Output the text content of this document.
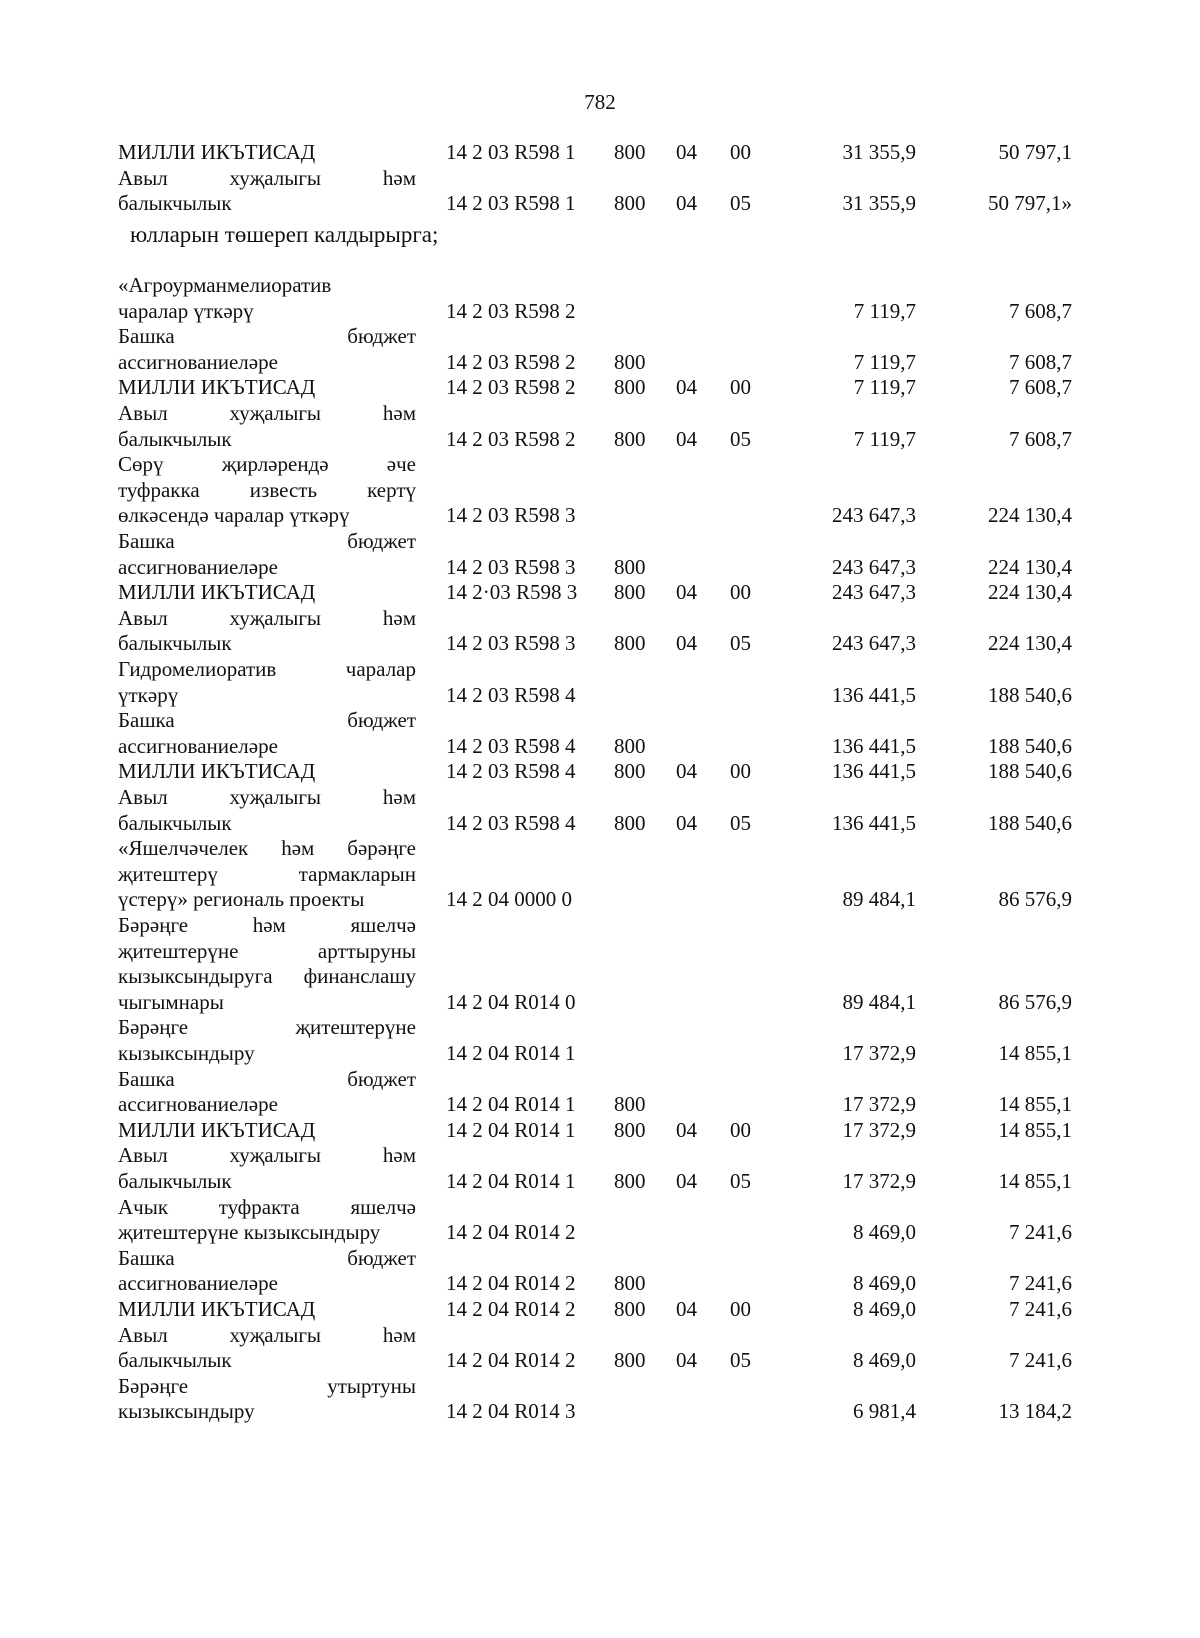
782
МИЛЛИ ИКЪТИСАД	14 2 03 R598 1 800 04 00	31 355,9	50 797,1
Авыл хуҗалыгы һәм
балыкчылык	14 2 03 R598 1 800 04 05	31 355,9	50 797,1»
«Агроурманмелиоратив
чаралар үткәрү	14 2 03 R598 2	7 119,7	7 608,7
Башка бюджет
ассигнованиеләре	14 2 03 R598 2 800	7 119,7	7 608,7
МИЛЛИ ИКЪТИСАД	14 2 03 R598 2 800 04 00	7 119,7	7 608,7
Авыл хуҗалыгы һәм
балыкчылык	14 2 03 R598 2 800 04 05	7 119,7	7 608,7
Сөрү җирләрендә әче
туфракка известь кертү
өлкәсендә чаралар үткәрү	14 2 03 R598 3	243 647,3	224 130,4
Башка бюджет
ассигнованиеләре	14 2 03 R598 3 800	243 647,3	224 130,4
МИЛЛИ ИКЪТИСАД	14 2·03 R598 3 800 04 00	243 647,3	224 130,4
Авыл хуҗалыгы һәм
балыкчылык	14 2 03 R598 3 800 04 05	243 647,3	224 130,4
Гидромелиоратив чаралар
үткәрү	14 2 03 R598 4	136 441,5	188 540,6
Башка бюджет
ассигнованиеләре	14 2 03 R598 4 800	136 441,5	188 540,6
МИЛЛИ ИКЪТИСАД	14 2 03 R598 4 800 04 00	136 441,5	188 540,6
Авыл хуҗалыгы һәм
балыкчылык	14 2 03 R598 4 800 04 05	136 441,5	188 540,6
«Яшелчәчелек һәм бәрәңге
җитештерү тармакларын
үстерү» региональ проекты	14 2 04 0000 0	89 484,1	86 576,9
Бәрәңге һәм яшелчә
җитештерүне арттыруны
кызыксындыруга финанслашу
чыгымнары	14 2 04 R014 0	89 484,1	86 576,9
Бәрәңге җитештерүне
кызыксындыру	14 2 04 R014 1	17 372,9	14 855,1
Башка бюджет
ассигнованиеләре	14 2 04 R014 1 800	17 372,9	14 855,1
МИЛЛИ ИКЪТИСАД	14 2 04 R014 1 800 04 00	17 372,9	14 855,1
Авыл хуҗалыгы һәм
балыкчылык	14 2 04 R014 1 800 04 05	17 372,9	14 855,1
Ачык туфракта яшелчә
җитештерүне кызыксындыру	14 2 04 R014 2	8 469,0	7 241,6
Башка бюджет
ассигнованиеләре	14 2 04 R014 2 800	8 469,0	7 241,6
МИЛЛИ ИКЪТИСАД	14 2 04 R014 2 800 04 00	8 469,0	7 241,6
Авыл хуҗалыгы һәм
балыкчылык	14 2 04 R014 2 800 04 05	8 469,0	7 241,6
Бәрәңге утыртуны
кызыксындыру	14 2 04 R014 3	6 981,4	13 184,2
юлларын төшереп калдырырга;
